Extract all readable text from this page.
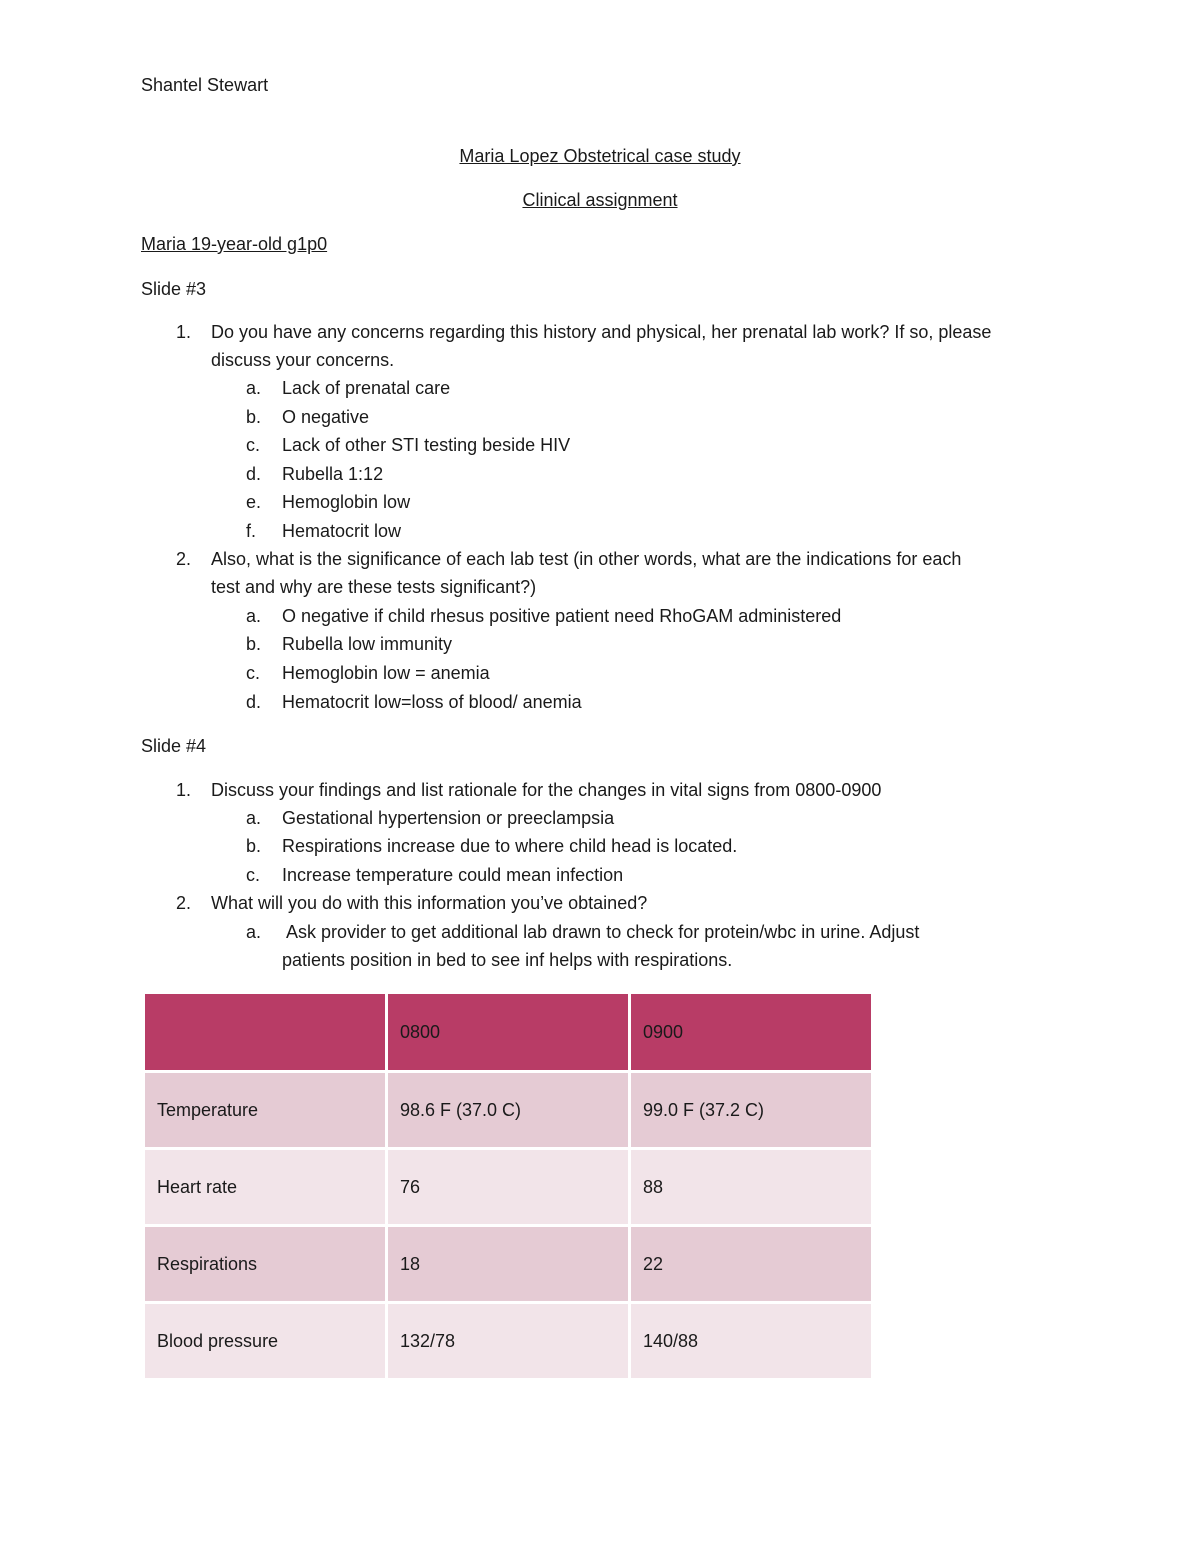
Shantel Stewart
Maria Lopez Obstetrical case study
Clinical assignment
Maria 19-year-old g1p0
Slide #3
1. Do you have any concerns regarding this history and physical, her prenatal lab work? If so, please
discuss your concerns.
a. Lack of prenatal care
b. O negative
c. Lack of other STI testing beside HIV
d. Rubella 1:12
e. Hemoglobin low
f. Hematocrit low
2. Also, what is the significance of each lab test (in other words, what are the indications for each
test and why are these tests significant?)
a. O negative if child rhesus positive patient need RhoGAM administered
b. Rubella low immunity
c. Hemoglobin low = anemia
d. Hematocrit low=loss of blood/ anemia
Slide #4
1. Discuss your findings and list rationale for the changes in vital signs from 0800-0900
a. Gestational hypertension or preeclampsia
b. Respirations increase due to where child head is located.
c. Increase temperature could mean infection
2. What will you do with this information you’ve obtained?
a. Ask provider to get additional lab drawn to check for protein/wbc in urine. Adjust
patients position in bed to see inf helps with respirations.
	0800	0900
Temperature	98.6 F (37.0 C)	99.0 F (37.2 C)
Heart rate	76	88
Respirations	18	22
Blood pressure	132/78	140/88
